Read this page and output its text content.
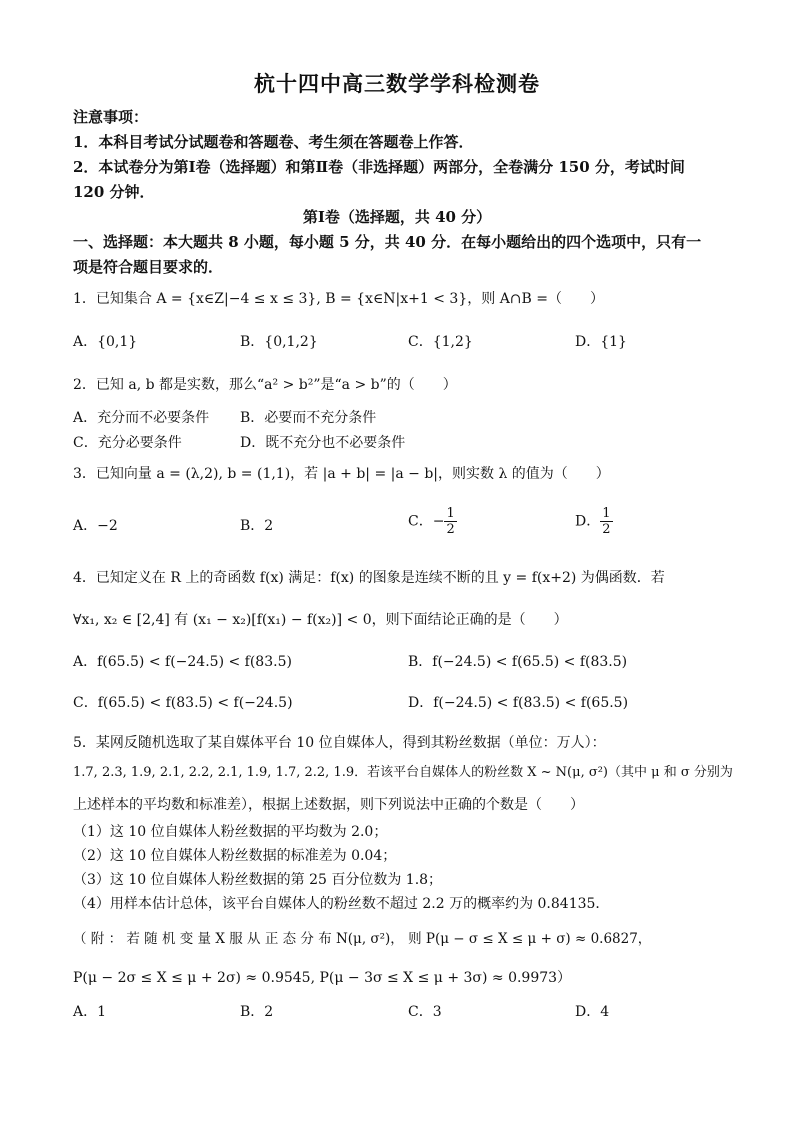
杭十四中高三数学学科检测卷
注意事项：
1．本科目考试分试题卷和答题卷、考生须在答题卷上作答．
2．本试卷分为第Ⅰ卷（选择题）和第Ⅱ卷（非选择题）两部分，全卷满分 150 分，考试时间
120 分钟．
第Ⅰ卷（选择题，共 40 分）
一、选择题：本大题共 8 小题，每小题 5 分，共 40 分．在每小题给出的四个选项中，只有一
项是符合题目要求的．
1．已知集合 A = {x∈Z|−4 ≤ x ≤ 3}, B = {x∈N|x+1 < 3}，则 A∩B =（　　）
A．{0,1}	B．{0,1,2}	C．{1,2}	D．{1}
2．已知 a, b 都是实数，那么“a² > b²”是“a > b”的（　　）
A．充分而不必要条件 B．必要而不充分条件
C．充分必要条件	D．既不充分也不必要条件
3．已知向量 a = (λ,2), b = (1,1)，若 |a + b| = |a − b|，则实数 λ 的值为（　　）
A．−2	B．2	C．− $\frac{1}{2}$	D． $\frac{1}{2}$
4．已知定义在 R 上的奇函数 f(x) 满足：f(x) 的图象是连续不断的且 y = f(x+2) 为偶函数．若
∀x₁, x₂ ∈ [2,4] 有 (x₁ − x₂)[f(x₁) − f(x₂)] < 0，则下面结论正确的是（　　）
A．f(65.5) < f(−24.5) < f(83.5)	B．f(−24.5) < f(65.5) < f(83.5)
C．f(65.5) < f(83.5) < f(−24.5)	D．f(−24.5) < f(83.5) < f(65.5)
5．某网反随机选取了某自媒体平台 10 位自媒体人，得到其粉丝数据（单位：万人）：
1.7, 2.3, 1.9, 2.1, 2.2, 2.1, 1.9, 1.7, 2.2, 1.9．若该平台自媒体人的粉丝数 X ~ N(μ, σ²)（其中 μ 和 σ 分别为
上述样本的平均数和标准差），根据上述数据，则下列说法中正确的个数是（　　）
（1）这 10 位自媒体人粉丝数据的平均数为 2.0；
（2）这 10 位自媒体人粉丝数据的标准差为 0.04；
（3）这 10 位自媒体人粉丝数据的第 25 百分位数为 1.8；
（4）用样本估计总体，该平台自媒体人的粉丝数不超过 2.2 万的概率约为 0.84135．
（ 附 ： 若 随 机 变 量 X 服 从 正 态 分 布 N(μ, σ²)， 则 P(μ − σ ≤ X ≤ μ + σ) ≈ 0.6827，
P(μ − 2σ ≤ X ≤ μ + 2σ) ≈ 0.9545, P(μ − 3σ ≤ X ≤ μ + 3σ) ≈ 0.9973）
A．1	B．2	C．3	D．4
